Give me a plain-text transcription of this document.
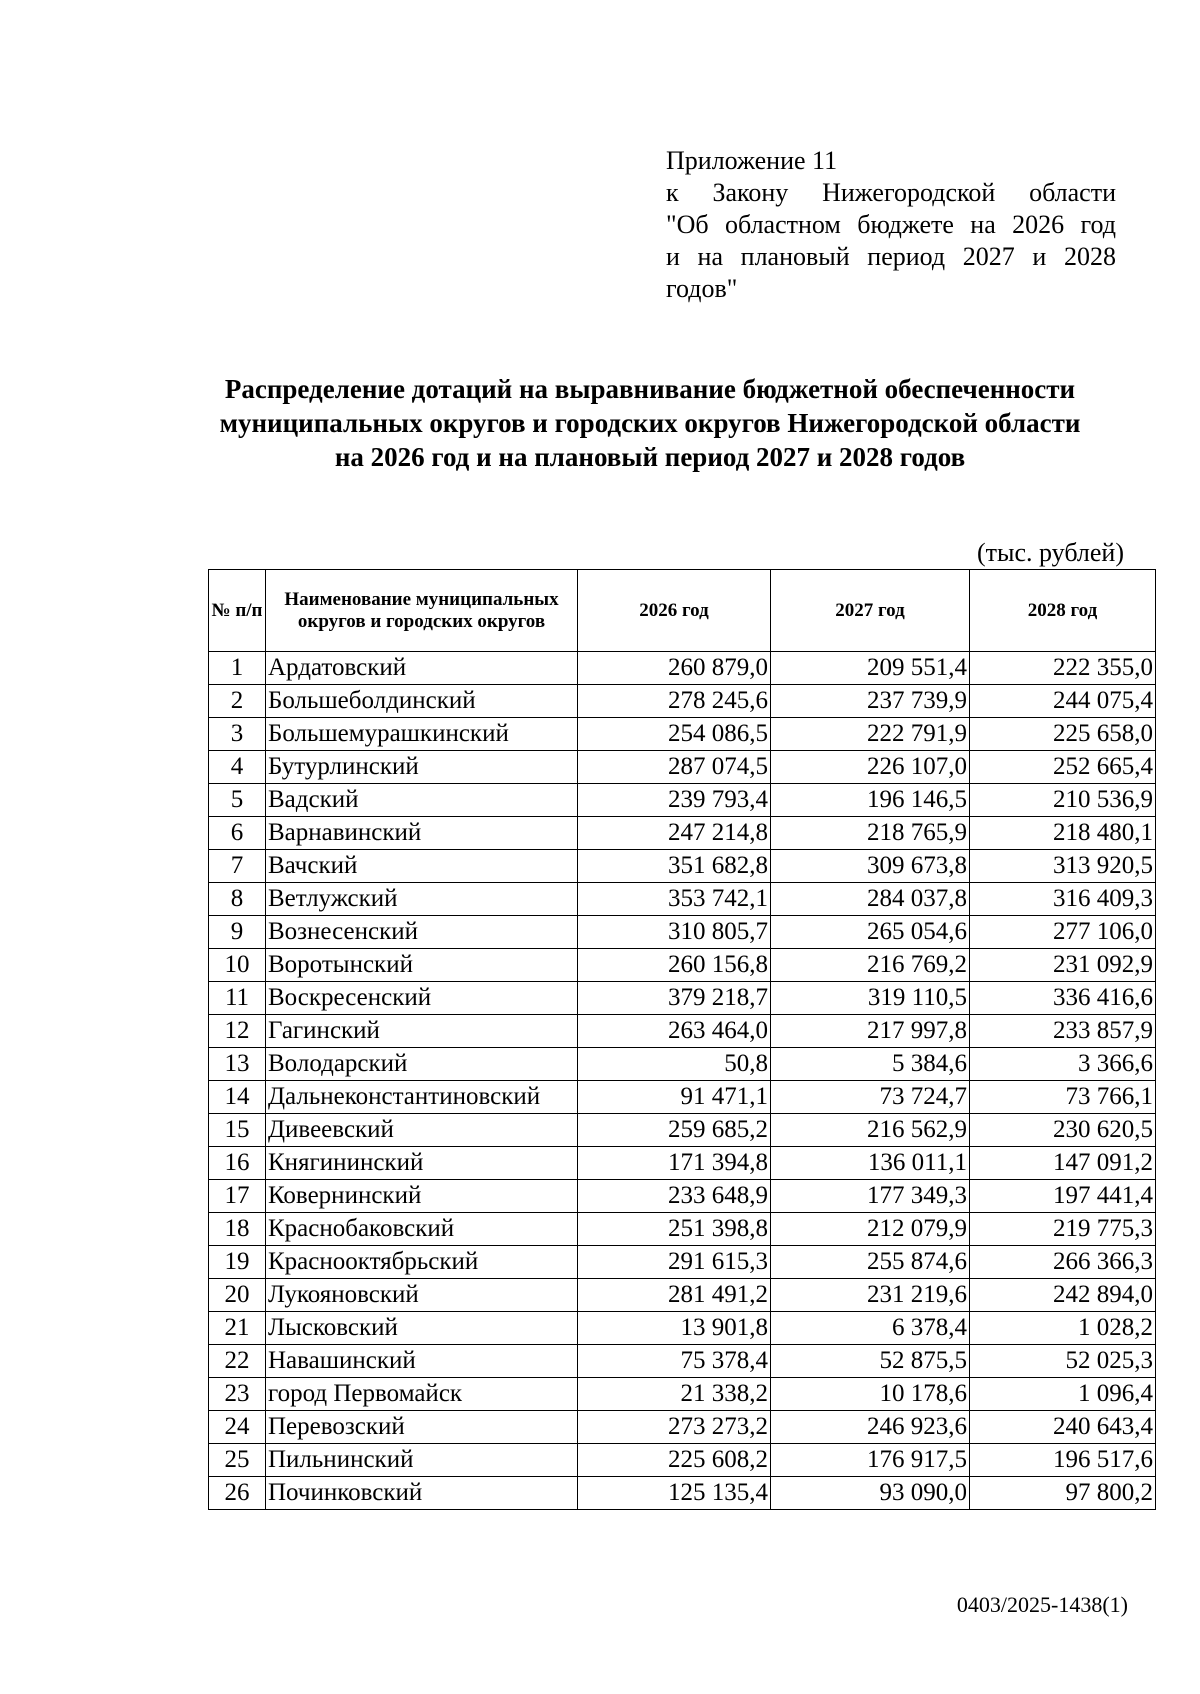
Приложение 11
к Закону Нижегородской области
"Об областном бюджете на 2026 год
и на плановый период 2027 и 2028
годов"
Распределение дотаций на выравнивание бюджетной обеспеченности
муниципальных округов и городских округов Нижегородской области
на 2026 год и на плановый период 2027 и 2028 годов
(тыс. рублей)
№ п/п	Наименование муниципальных округов и городских округов	2026 год	2027 год	2028 год
1	Ардатовский	260 879,0	209 551,4	222 355,0
2	Большеболдинский	278 245,6	237 739,9	244 075,4
3	Большемурашкинский	254 086,5	222 791,9	225 658,0
4	Бутурлинский	287 074,5	226 107,0	252 665,4
5	Вадский	239 793,4	196 146,5	210 536,9
6	Варнавинский	247 214,8	218 765,9	218 480,1
7	Вачский	351 682,8	309 673,8	313 920,5
8	Ветлужский	353 742,1	284 037,8	316 409,3
9	Вознесенский	310 805,7	265 054,6	277 106,0
10	Воротынский	260 156,8	216 769,2	231 092,9
11	Воскресенский	379 218,7	319 110,5	336 416,6
12	Гагинский	263 464,0	217 997,8	233 857,9
13	Володарский	50,8	5 384,6	3 366,6
14	Дальнеконстантиновский	91 471,1	73 724,7	73 766,1
15	Дивеевский	259 685,2	216 562,9	230 620,5
16	Княгининский	171 394,8	136 011,1	147 091,2
17	Ковернинский	233 648,9	177 349,3	197 441,4
18	Краснобаковский	251 398,8	212 079,9	219 775,3
19	Краснооктябрьский	291 615,3	255 874,6	266 366,3
20	Лукояновский	281 491,2	231 219,6	242 894,0
21	Лысковский	13 901,8	6 378,4	1 028,2
22	Навашинский	75 378,4	52 875,5	52 025,3
23	город Первомайск	21 338,2	10 178,6	1 096,4
24	Перевозский	273 273,2	246 923,6	240 643,4
25	Пильнинский	225 608,2	176 917,5	196 517,6
26	Починковский	125 135,4	93 090,0	97 800,2
0403/2025-1438(1)
